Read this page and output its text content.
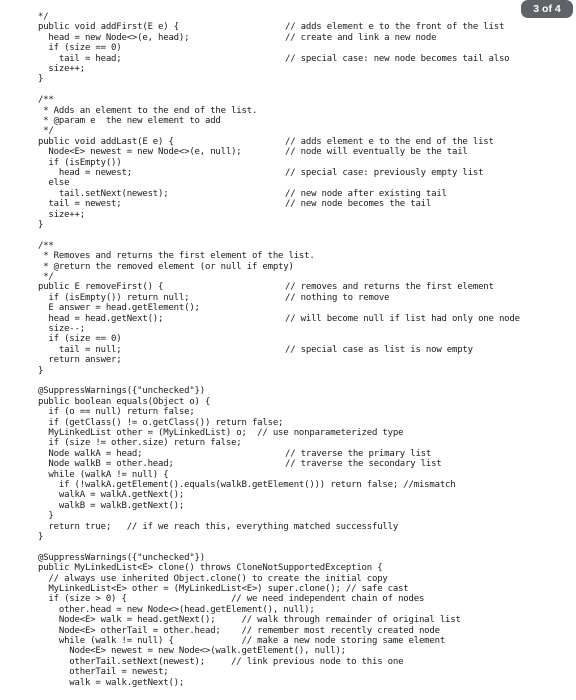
*/
public void addFirst(E e) {	// adds element e to the front of the list
head = new Node<>(e, head);	// create and link a new node
if (size == 0)
tail = head;	// special case: new node becomes tail also
size++;
}
/**
* Adds an element to the end of the list.
* @param e  the new element to add
*/
public void addLast(E e) {	// adds element e to the end of the list
Node<E> newest = new Node<>(e, null);	// node will eventually be the tail
if (isEmpty())
head = newest;	// special case: previously empty list
else
tail.setNext(newest);	// new node after existing tail
tail = newest;	// new node becomes the tail
size++;
}
/**
* Removes and returns the first element of the list.
* @return the removed element (or null if empty)
*/
public E removeFirst() {	// removes and returns the first element
if (isEmpty()) return null;	// nothing to remove
E answer = head.getElement();
head = head.getNext();	// will become null if list had only one node
size--;
if (size == 0)
tail = null;	// special case as list is now empty
return answer;
}
@SuppressWarnings({"unchecked"})
public boolean equals(Object o) {
if (o == null) return false;
if (getClass() != o.getClass()) return false;
MyLinkedList other = (MyLinkedList) o;  // use nonparameterized type
if (size != other.size) return false;
Node walkA = head;	// traverse the primary list
Node walkB = other.head;	// traverse the secondary list
while (walkA != null) {
if (!walkA.getElement().equals(walkB.getElement())) return false; //mismatch
walkA = walkA.getNext();
walkB = walkB.getNext();
}
return true;   // if we reach this, everything matched successfully
}
@SuppressWarnings({"unchecked"})
public MyLinkedList<E> clone() throws CloneNotSupportedException {
// always use inherited Object.clone() to create the initial copy
MyLinkedList<E> other = (MyLinkedList<E>) super.clone(); // safe cast
if (size > 0) {                    // we need independent chain of nodes
other.head = new Node<>(head.getElement(), null);
Node<E> walk = head.getNext();     // walk through remainder of original list
Node<E> otherTail = other.head;    // remember most recently created node
while (walk != null) {             // make a new node storing same element
Node<E> newest = new Node<>(walk.getElement(), null);
otherTail.setNext(newest);     // link previous node to this one
otherTail = newest;
walk = walk.getNext();
3 of 4
